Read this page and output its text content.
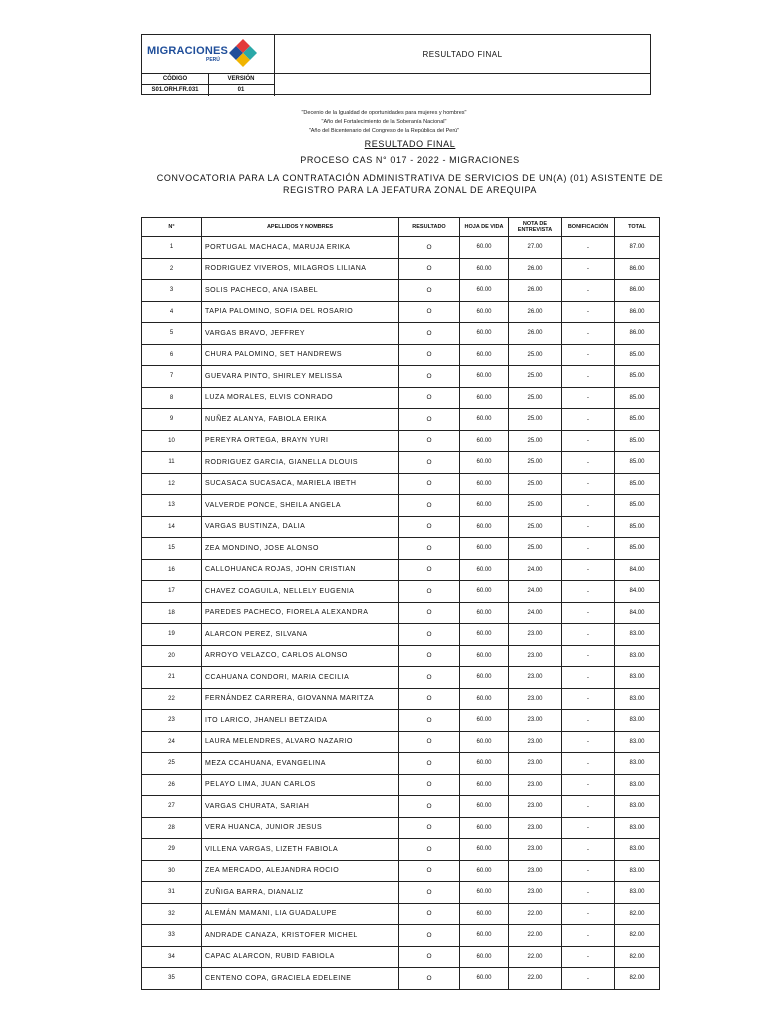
MIGRACIONES
PERÚ
RESULTADO FINAL
CÓDIGO	VERSIÓN
S01.ORH.FR.031	01
"Decenio de la Igualdad de oportunidades para mujeres y hombres"
"Año del Fortalecimiento de la Soberanía Nacional"
"Año del Bicentenario del Congreso de la República del Perú"
RESULTADO FINAL
PROCESO CAS N° 017 - 2022 - MIGRACIONES
CONVOCATORIA PARA LA CONTRATACIÓN ADMINISTRATIVA DE SERVICIOS DE UN(A) (01) ASISTENTE DE
REGISTRO PARA LA JEFATURA ZONAL DE AREQUIPA
N°	APELLIDOS Y NOMBRES	RESULTADO	HOJA DE VIDA	NOTA DE ENTREVISTA	BONIFICACIÓN	TOTAL
1	PORTUGAL MACHACA, MARUJA ERIKA	Ο	60.00	27.00	-	87.00
2	RODRIGUEZ VIVEROS, MILAGROS LILIANA	Ο	60.00	26.00	-	86.00
3	SOLIS PACHECO, ANA ISABEL	Ο	60.00	26.00	-	86.00
4	TAPIA PALOMINO, SOFIA DEL ROSARIO	Ο	60.00	26.00	-	86.00
5	VARGAS BRAVO, JEFFREY	Ο	60.00	26.00	-	86.00
6	CHURA PALOMINO, SET HANDREWS	Ο	60.00	25.00	-	85.00
7	GUEVARA PINTO, SHIRLEY MELISSA	Ο	60.00	25.00	-	85.00
8	LUZA MORALES, ELVIS CONRADO	Ο	60.00	25.00	-	85.00
9	NUÑEZ ALANYA, FABIOLA ERIKA	Ο	60.00	25.00	-	85.00
10	PEREYRA ORTEGA, BRAYN YURI	Ο	60.00	25.00	-	85.00
11	RODRIGUEZ GARCIA, GIANELLA DLOUIS	Ο	60.00	25.00	-	85.00
12	SUCASACA SUCASACA, MARIELA IBETH	Ο	60.00	25.00	-	85.00
13	VALVERDE PONCE, SHEILA ANGELA	Ο	60.00	25.00	-	85.00
14	VARGAS BUSTINZA, DALIA	Ο	60.00	25.00	-	85.00
15	ZEA MONDINO, JOSE ALONSO	Ο	60.00	25.00	-	85.00
16	CALLOHUANCA ROJAS, JOHN CRISTIAN	Ο	60.00	24.00	-	84.00
17	CHAVEZ COAGUILA, NELLELY EUGENIA	Ο	60.00	24.00	-	84.00
18	PAREDES PACHECO, FIORELA ALEXANDRA	Ο	60.00	24.00	-	84.00
19	ALARCON PEREZ, SILVANA	Ο	60.00	23.00	-	83.00
20	ARROYO VELAZCO, CARLOS ALONSO	Ο	60.00	23.00	-	83.00
21	CCAHUANA CONDORI, MARIA CECILIA	Ο	60.00	23.00	-	83.00
22	FERNÁNDEZ CARRERA, GIOVANNA MARITZA	Ο	60.00	23.00	-	83.00
23	ITO LARICO, JHANELI BETZAIDA	Ο	60.00	23.00	-	83.00
24	LAURA MELENDRES, ALVARO NAZARIO	Ο	60.00	23.00	-	83.00
25	MEZA CCAHUANA, EVANGELINA	Ο	60.00	23.00	-	83.00
26	PELAYO LIMA, JUAN CARLOS	Ο	60.00	23.00	-	83.00
27	VARGAS CHURATA, SARIAH	Ο	60.00	23.00	-	83.00
28	VERA HUANCA, JUNIOR JESUS	Ο	60.00	23.00	-	83.00
29	VILLENA VARGAS, LIZETH FABIOLA	Ο	60.00	23.00	-	83.00
30	ZEA MERCADO, ALEJANDRA ROCIO	Ο	60.00	23.00	-	83.00
31	ZUÑIGA BARRA, DIANALIZ	Ο	60.00	23.00	-	83.00
32	ALEMÁN MAMANI, LIA GUADALUPE	Ο	60.00	22.00	-	82.00
33	ANDRADE CANAZA, KRISTOFER MICHEL	Ο	60.00	22.00	-	82.00
34	CAPAC ALARCON, RUBID FABIOLA	Ο	60.00	22.00	-	82.00
35	CENTENO COPA, GRACIELA EDELEINE	Ο	60.00	22.00	-	82.00
